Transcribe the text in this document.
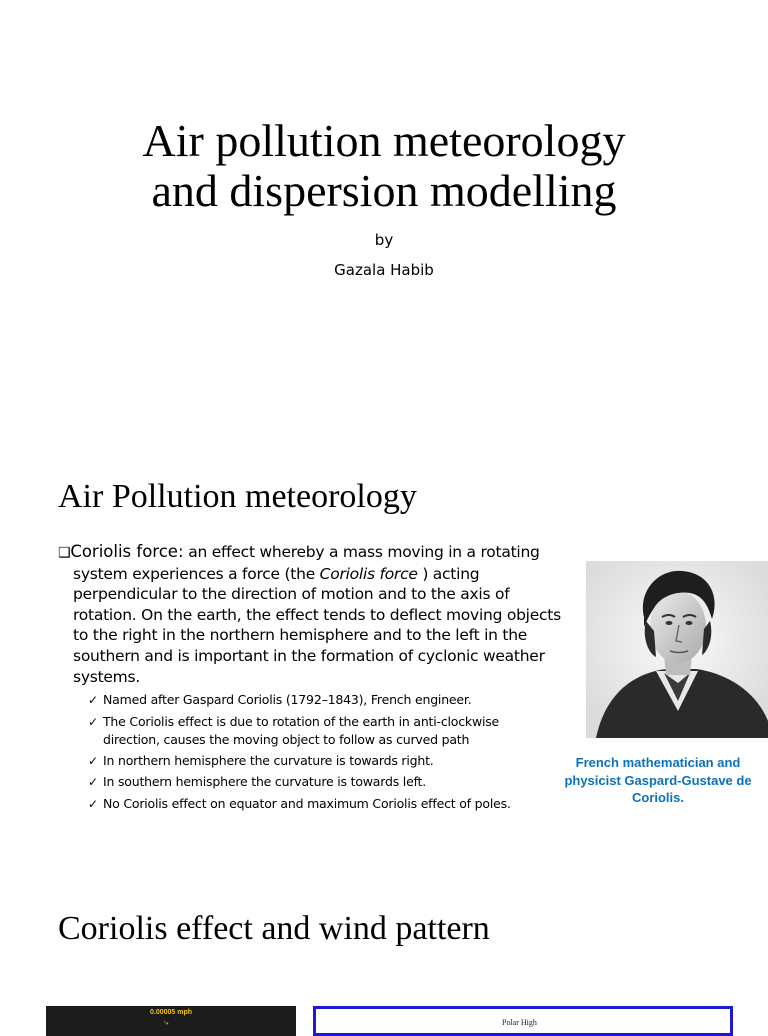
Air pollution meteorology
and dispersion modelling
by
Gazala Habib
Air Pollution meteorology

❑Coriolis force: an effect whereby a mass moving in a rotating system experiences a force (the Coriolis force ) acting perpendicular to the direction of motion and to the axis of rotation. On the earth, the effect tends to deflect moving objects to the right in the northern hemisphere and to the left in the southern and is important in the formation of cyclonic weather systems.

✓ Named after Gaspard Coriolis (1792–1843), French engineer.
✓ The Coriolis effect is due to rotation of the earth in anti-clockwise direction, causes the moving object to follow as curved path
✓ In northern hemisphere the curvature is towards right.
✓ In southern hemisphere the curvature is towards left.
✓ No Coriolis effect on equator and maximum Coriolis effect of poles.
French mathematician and physicist Gaspard-Gustave de Coriolis.
Coriolis effect and wind pattern
0.00005 mph
⤷	Polar High
